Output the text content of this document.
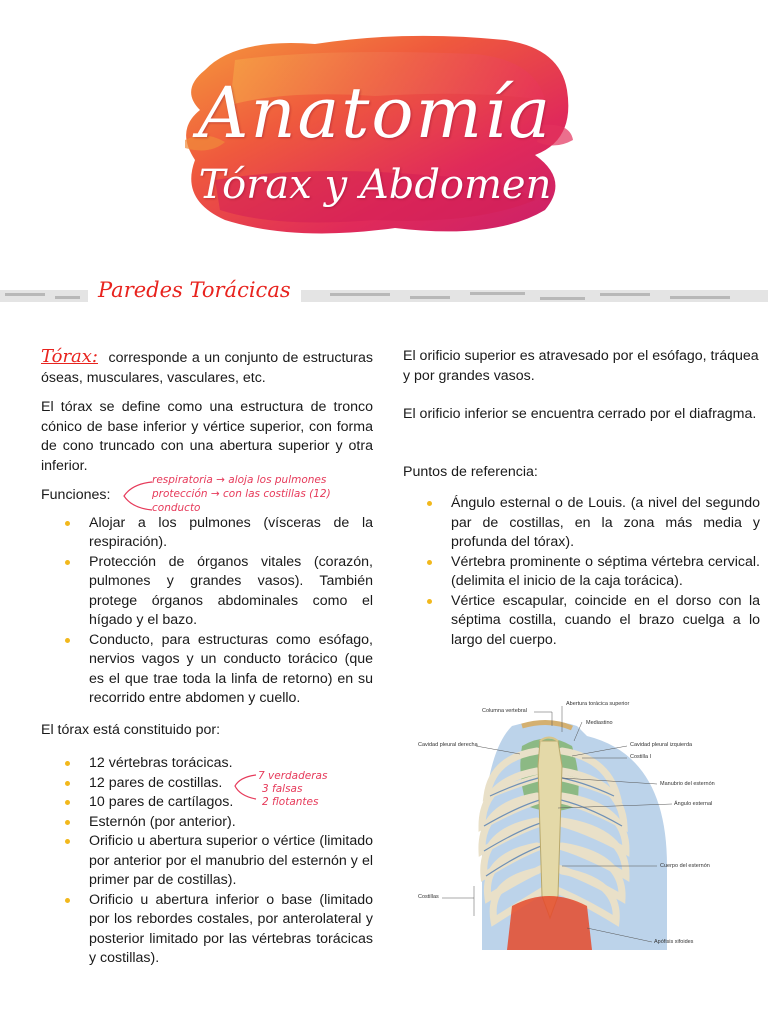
Anatomía
Tórax y Abdomen
Paredes Torácicas

Tórax: corresponde a un conjunto de estructuras óseas, musculares, vasculares, etc.

El tórax se define como una estructura de tronco cónico de base inferior y vértice superior, con forma de cono truncado con una abertura superior y otra inferior.

Funciones:

Alojar a los pulmones (vísceras de la respiración).
Protección de órganos vitales (corazón, pulmones y grandes vasos). También protege órganos abdominales como el hígado y el bazo.
Conducto, para estructuras como esófago, nervios vagos y un conducto torácico (que es el que trae toda la linfa de retorno) en su recorrido entre abdomen y cuello.

El tórax está constituido por:

12 vértebras torácicas.
12 pares de costillas.
10 pares de cartílagos.
Esternón (por anterior).
Orificio u abertura superior o vértice (limitado por anterior por el manubrio del esternón y el primer par de costillas).
Orificio u abertura inferior o base (limitado por los rebordes costales, por anterolateral y posterior limitado por las vértebras torácicas y costillas).
respiratoria → aloja los pulmones
protección → con las costillas (12)
conducto
7 verdaderas
3 falsas
2 flotantes

El orificio superior es atravesado por el esófago, tráquea y por grandes vasos.

El orificio inferior se encuentra cerrado por el diafragma.

Puntos de referencia:

Ángulo esternal o de Louis. (a nivel del segundo par de costillas, en la zona más media y profunda del tórax).
Vértebra prominente o séptima vértebra cervical. (delimita el inicio de la caja torácica).
Vértice escapular, coincide en el dorso con la séptima costilla, cuando el brazo cuelga a lo largo del cuerpo.
Columna vertebral
Abertura torácica superior
Mediastino
Cavidad pleural derecha	Cavidad pleural izquierda
Costilla I
Manubrio del esternón
Ángulo esternal
Cuerpo del esternón
Costillas
Apófisis xifoides
